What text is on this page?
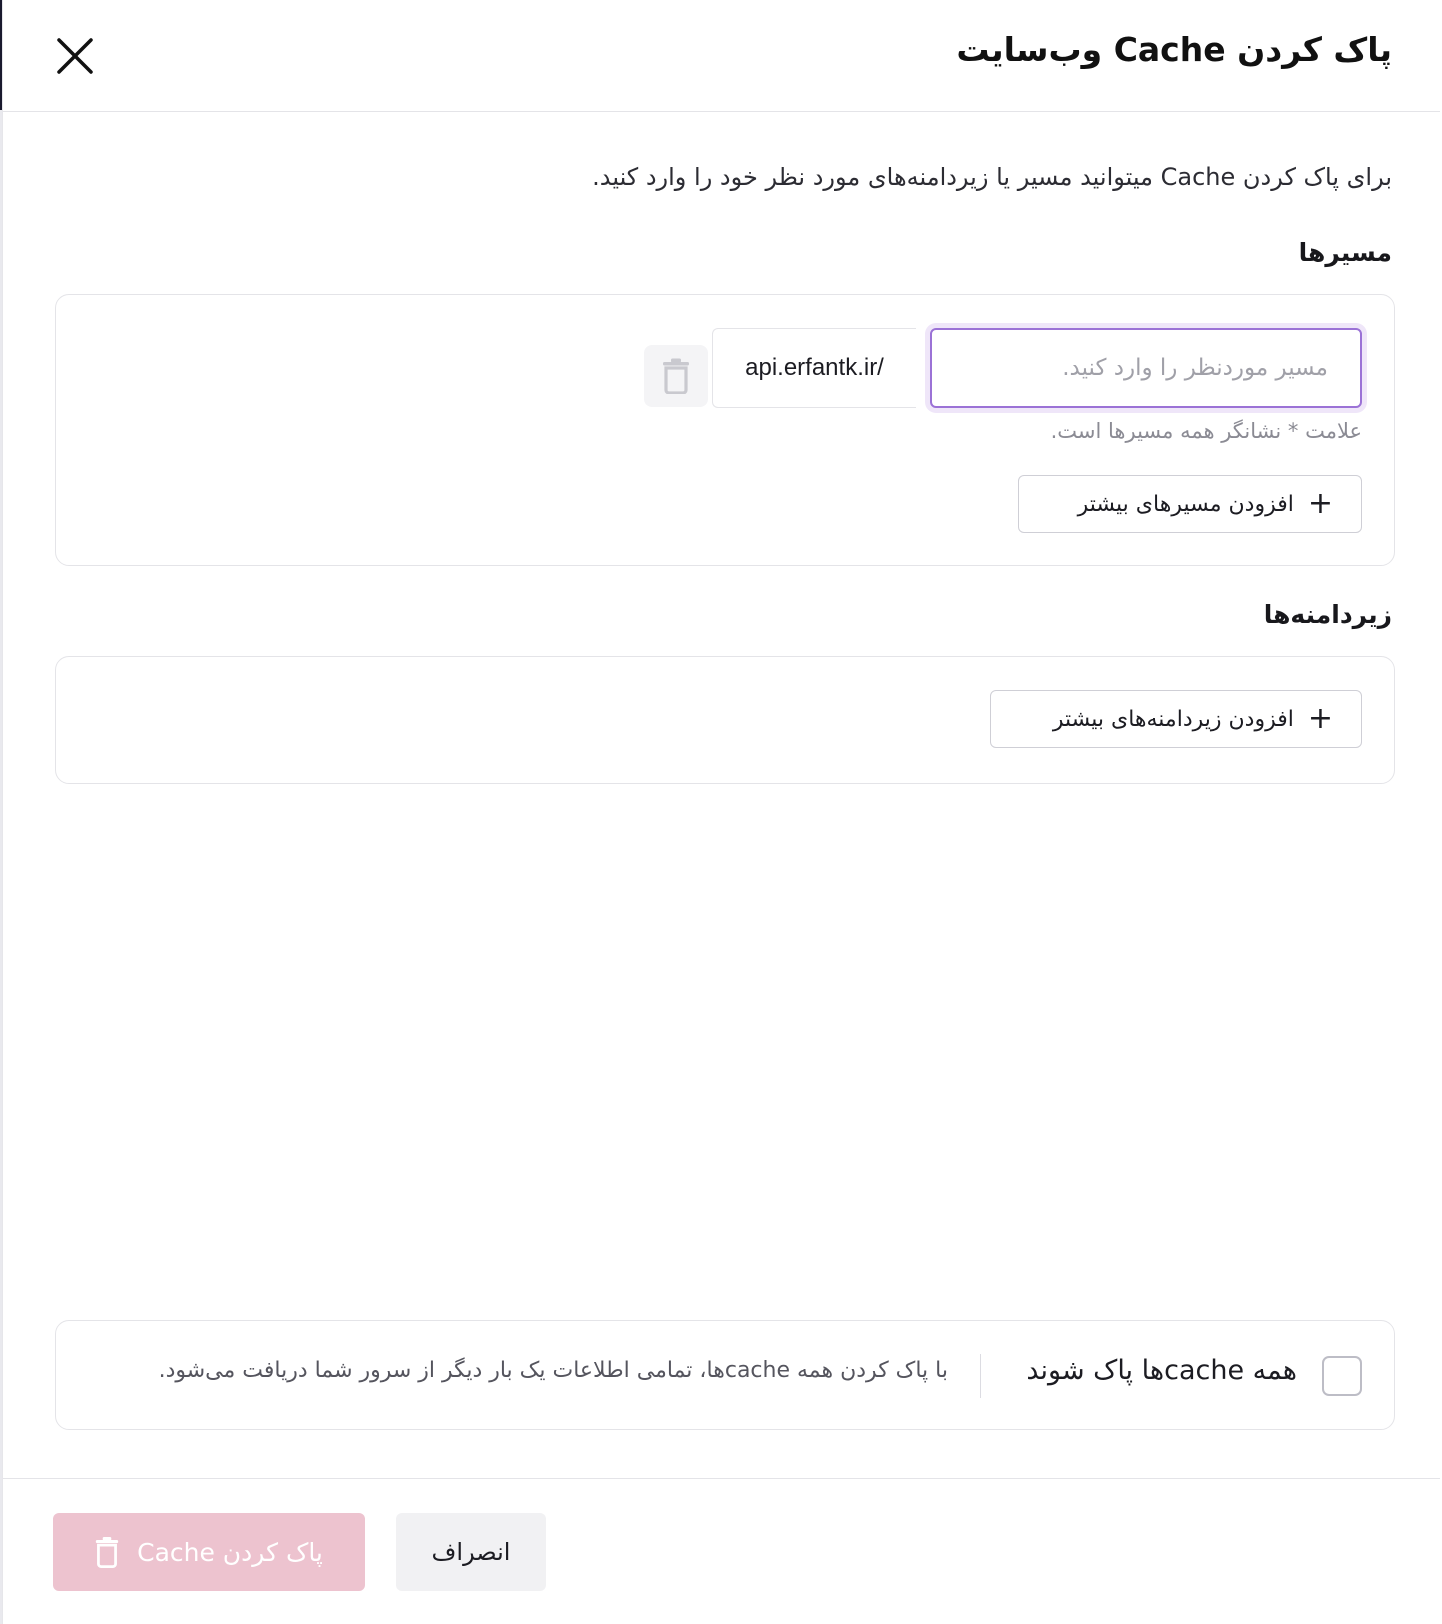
پاک کردن Cache وب‌سایت

برای پاک کردن Cache میتوانید مسیر یا زیردامنه‌های مورد نظر خود را وارد کنید.

مسیرها
مسیر موردنظر را وارد کنید.
api.erfantk.ir/

علامت * نشانگر همه مسیرها است.

+
افزودن مسیرهای بیشتر
زیردامنه‌ها
+
افزودن زیردامنه‌های بیشتر
همه cacheها پاک شوند
با پاک کردن همه cacheها، تمامی اطلاعات یک بار دیگر از سرور شما دریافت می‌شود.
انصراف
پاک کردن Cache
